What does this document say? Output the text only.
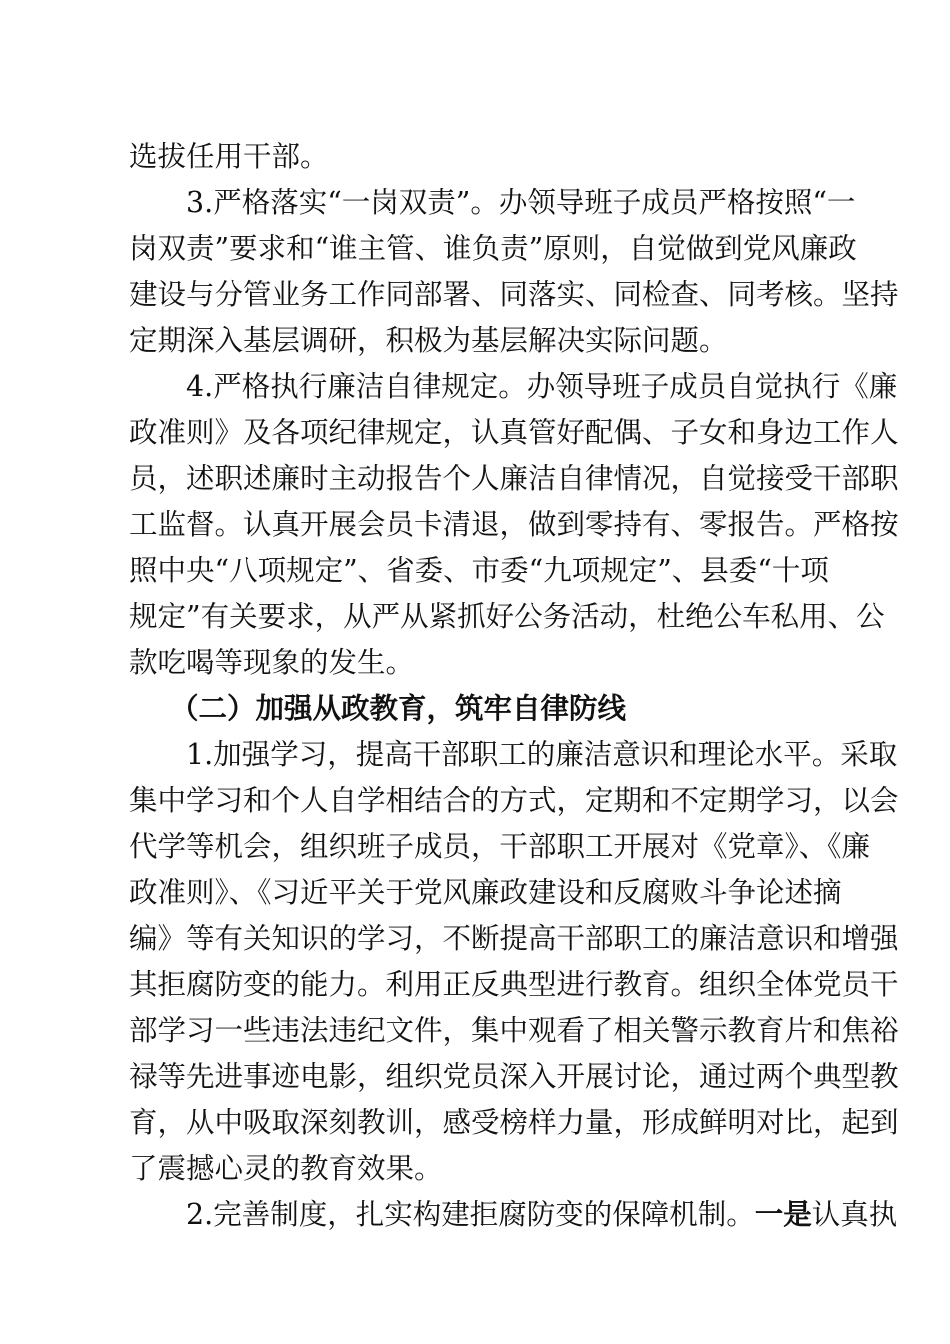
选拔任用干部。
3.严格落实“一岗双责”。办领导班子成员严格按照“一
岗双责”要求和“谁主管、谁负责”原则，自觉做到党风廉政
建设与分管业务工作同部署、同落实、同检查、同考核。坚持
定期深入基层调研，积极为基层解决实际问题。
4.严格执行廉洁自律规定。办领导班子成员自觉执行《廉
政准则》及各项纪律规定，认真管好配偶、子女和身边工作人
员，述职述廉时主动报告个人廉洁自律情况，自觉接受干部职
工监督。认真开展会员卡清退，做到零持有、零报告。严格按
照中央“八项规定”、省委、市委“九项规定”、县委“十项
规定”有关要求，从严从紧抓好公务活动，杜绝公车私用、公
款吃喝等现象的发生。
（二）加强从政教育，筑牢自律防线
1.加强学习，提高干部职工的廉洁意识和理论水平。采取
集中学习和个人自学相结合的方式，定期和不定期学习，以会
代学等机会，组织班子成员，干部职工开展对《党章》、《廉
政准则》、《习近平关于党风廉政建设和反腐败斗争论述摘
编》等有关知识的学习，不断提高干部职工的廉洁意识和增强
其拒腐防变的能力。利用正反典型进行教育。组织全体党员干
部学习一些违法违纪文件，集中观看了相关警示教育片和焦裕
禄等先进事迹电影，组织党员深入开展讨论，通过两个典型教
育，从中吸取深刻教训，感受榜样力量，形成鲜明对比，起到
了震撼心灵的教育效果。
2.完善制度，扎实构建拒腐防变的保障机制。一是认真执
